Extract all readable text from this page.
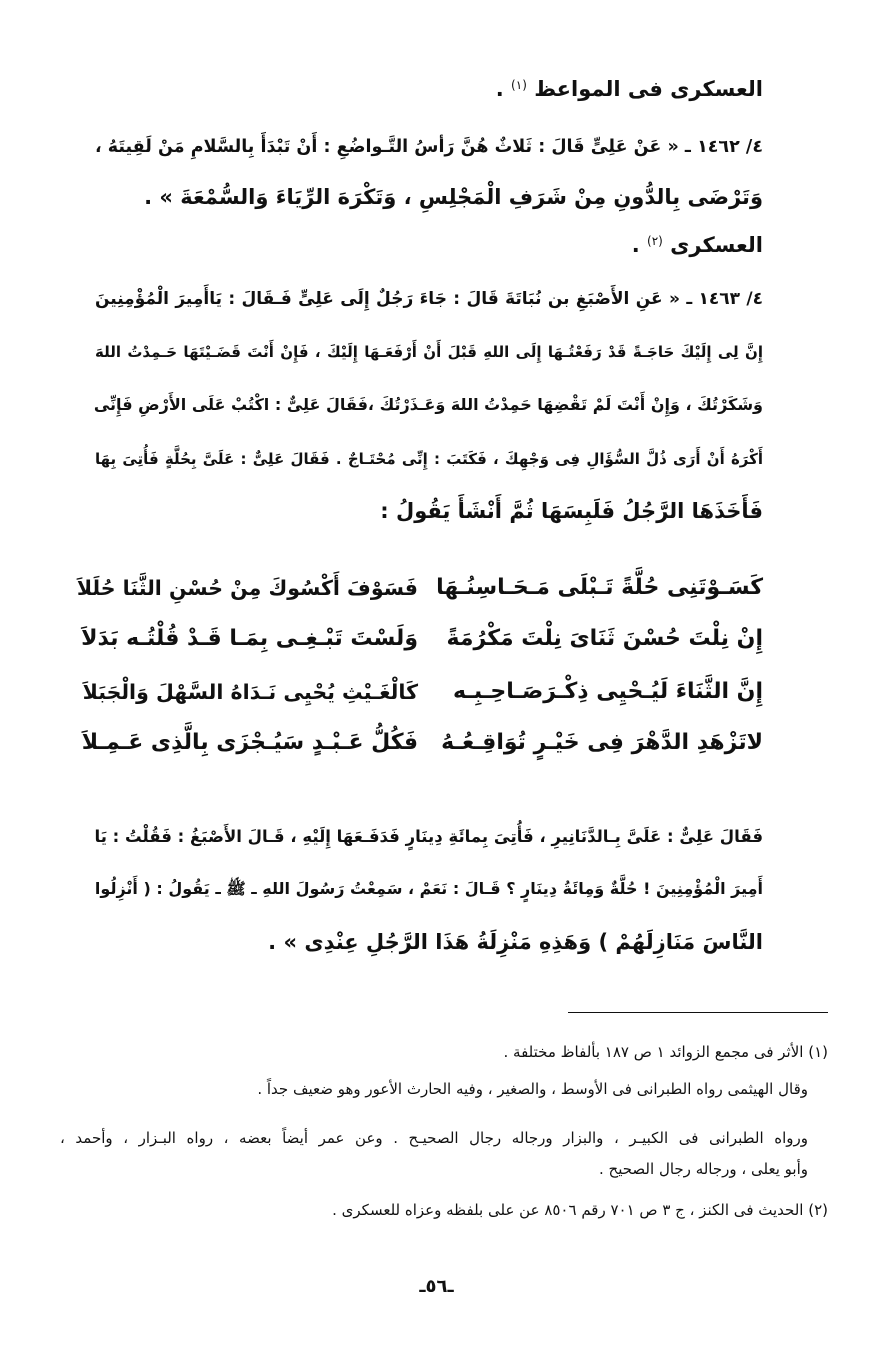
العسكرى فى المواعظ $^{(١)}$ .
٤/ ١٤٦٢ ـ « عَنْ عَلِىٍّ قَالَ : ثَلاثٌ هُنَّ رَأسُ التَّـواضُعِ : أَنْ تَبْدَأَ بِالسَّلامِ مَنْ لَقِيتَهُ ،
وَتَرْضَى بِالدُّونِ مِنْ شَرَفِ الْمَجْلِسِ ، وَتَكْرَهَ الرِّيَاءَ وَالسُّمْعَةَ » .
العسكرى $^{(٢)}$ .
٤/ ١٤٦٣ ـ « عَنِ الأَصْبَغِ بن نُبَاتَةَ قَالَ : جَاءَ رَجُلٌ إِلَى عَلِىٍّ فَـقَالَ : يَاأَمِيرَ الْمُؤْمِنِينَ
إِنَّ لِى إِلَيْكَ حَاجَـةً قَدْ رَفَعْتُـهَا إِلَى اللهِ قَبْلَ أَنْ أَرْفَعَـهَا إِلَيْكَ ، فَإِنْ أَنْتَ قَضَـيْتَهَا حَـمِدْتُ اللهَ
وَشَكَرْتُكَ ، وَإِنْ أَنْتَ لَمْ تَقْضِهَا حَمِدْتُ اللهَ وَعَـذَرْتُكَ ،فَقَالَ عَلِىٌّ : اكْتُبْ عَلَى الأَرْضِ فَإِنِّى
أَكْرَهُ أَنْ أَرَى ذُلَّ السُّؤَالِ فِى وَجْهِكَ ، فَكَتَبَ : إِنِّى مُحْتَـاجٌ . فَقَالَ عَلِىٌّ : عَلَىَّ بِحُلَّةٍ فَأُتِىَ بِهَا
فَأَخَذَهَا الرَّجُلُ فَلَبِسَهَا ثُمَّ أَنْشَأَ يَقُولُ :
كَسَـوْتَنِى حُلَّةً تَـبْلَى مَـحَـاسِنُـهَا
فَسَوْفَ أَكْسُوكَ مِنْ حُسْنِ الثَّنَا حُلَلاَ
إِنْ نِلْتَ حُسْنَ ثَنَاىَ نِلْتَ مَكْرُمَةً
وَلَسْتَ تَبْـغِـى بِمَـا قَـدْ قُلْتُـه بَدَلاَ
إِنَّ الثَّنَاءَ لَيُـحْيِى ذِكْـرَصَـاحِـبِـه
كَالْغَـيْثِ يُحْيِى نَـدَاهُ السَّهْلَ وَالْجَبَلاَ
لاتَزْهَدِ الدَّهْرَ فِى خَيْـرٍ تُوَاقِـعُـهُ
فَكُلُّ عَـبْـدٍ سَيُـجْزَى بِالَّذِى عَـمِـلاَ
فَقَالَ عَلِىٌّ : عَلَىَّ بِـالدَّنَانِيرِ ، فَأُتِىَ بِمائَةِ دِينَارٍ فَدَفَـعَهَا إِلَيْهِ ، قَـالَ الأَصْبَغُ : فَقُلْتُ : يَا
أَمِيرَ الْمُؤْمِنِينَ ! حُلَّةٌ وَمِائَةُ دِينَارٍ ؟ قَـالَ : نَعَمْ ، سَمِعْتُ رَسُولَ اللهِ ـ ﷺ ـ يَقُولُ : ( أَنْزِلُوا
النَّاسَ مَنَازِلَهُمْ ) وَهَذِهِ مَنْزِلَةُ هَذَا الرَّجُلِ عِنْدِى » .
(١) الأثر فى مجمع الزوائد ١ ص ١٨٧ بألفاظ مختلفة .
وقال الهيثمى رواه الطبرانى فى الأوسط ، والصغير ، وفيه الحارث الأعور وهو ضعيف جداً .
ورواه الطبرانى فى الكبيـر ، والبزار ورجاله رجال الصحيـح . وعن عمر أيضاً بعضه ، رواه البـزار ، وأحمد ،
وأبو يعلى ، ورجاله رجال الصحيح .
(٢) الحديث فى الكنز ، ج ٣ ص ٧٠١ رقم ٨٥٠٦ عن على بلفظه وعزاه للعسكرى .
ـ٥٦ـ
